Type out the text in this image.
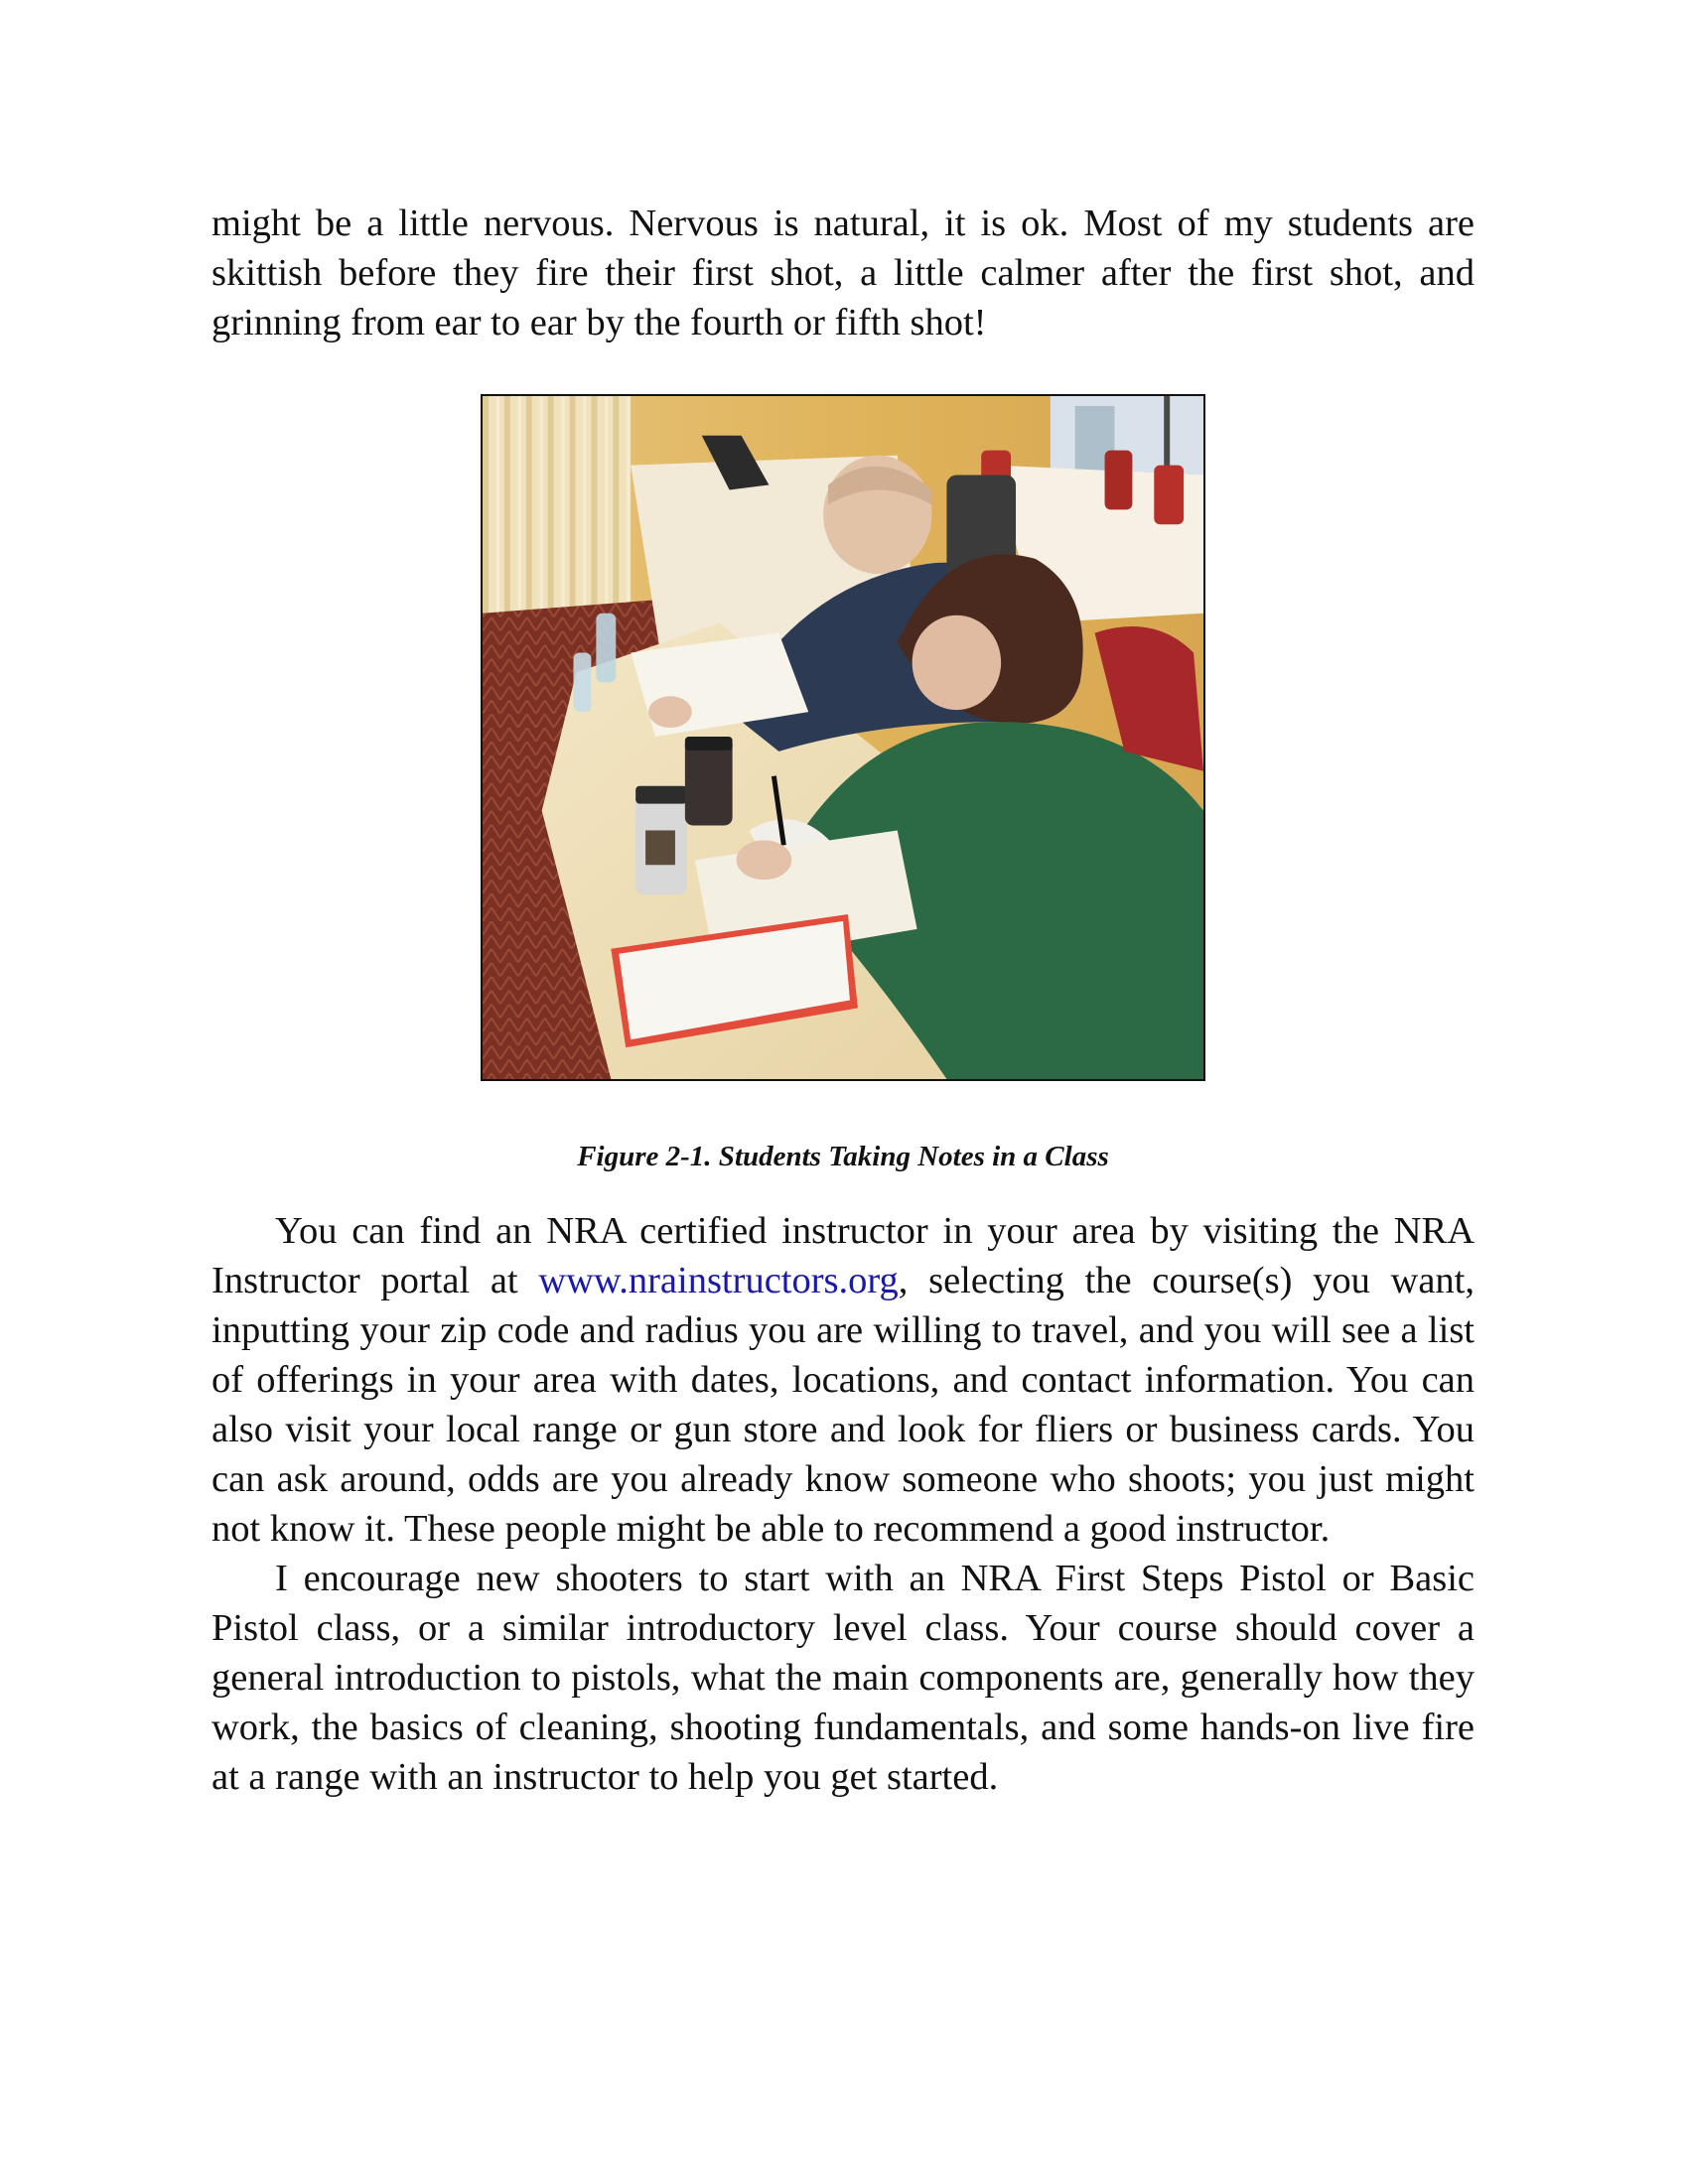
might be a little nervous. Nervous is natural, it is ok. Most of my students are skittish before they fire their first shot, a little calmer after the first shot, and grinning from ear to ear by the fourth or fifth shot!

Figure 2-1. Students Taking Notes in a Class

You can find an NRA certified instructor in your area by visiting the NRA Instructor portal at www.nrainstructors.org, selecting the course(s) you want, inputting your zip code and radius you are willing to travel, and you will see a list of offerings in your area with dates, locations, and contact information. You can also visit your local range or gun store and look for fliers or business cards. You can ask around, odds are you already know someone who shoots; you just might not know it. These people might be able to recommend a good instructor.

I encourage new shooters to start with an NRA First Steps Pistol or Basic Pistol class, or a similar introductory level class. Your course should cover a general introduction to pistols, what the main components are, generally how they work, the basics of cleaning, shooting fundamentals, and some hands-on live fire at a range with an instructor to help you get started.
